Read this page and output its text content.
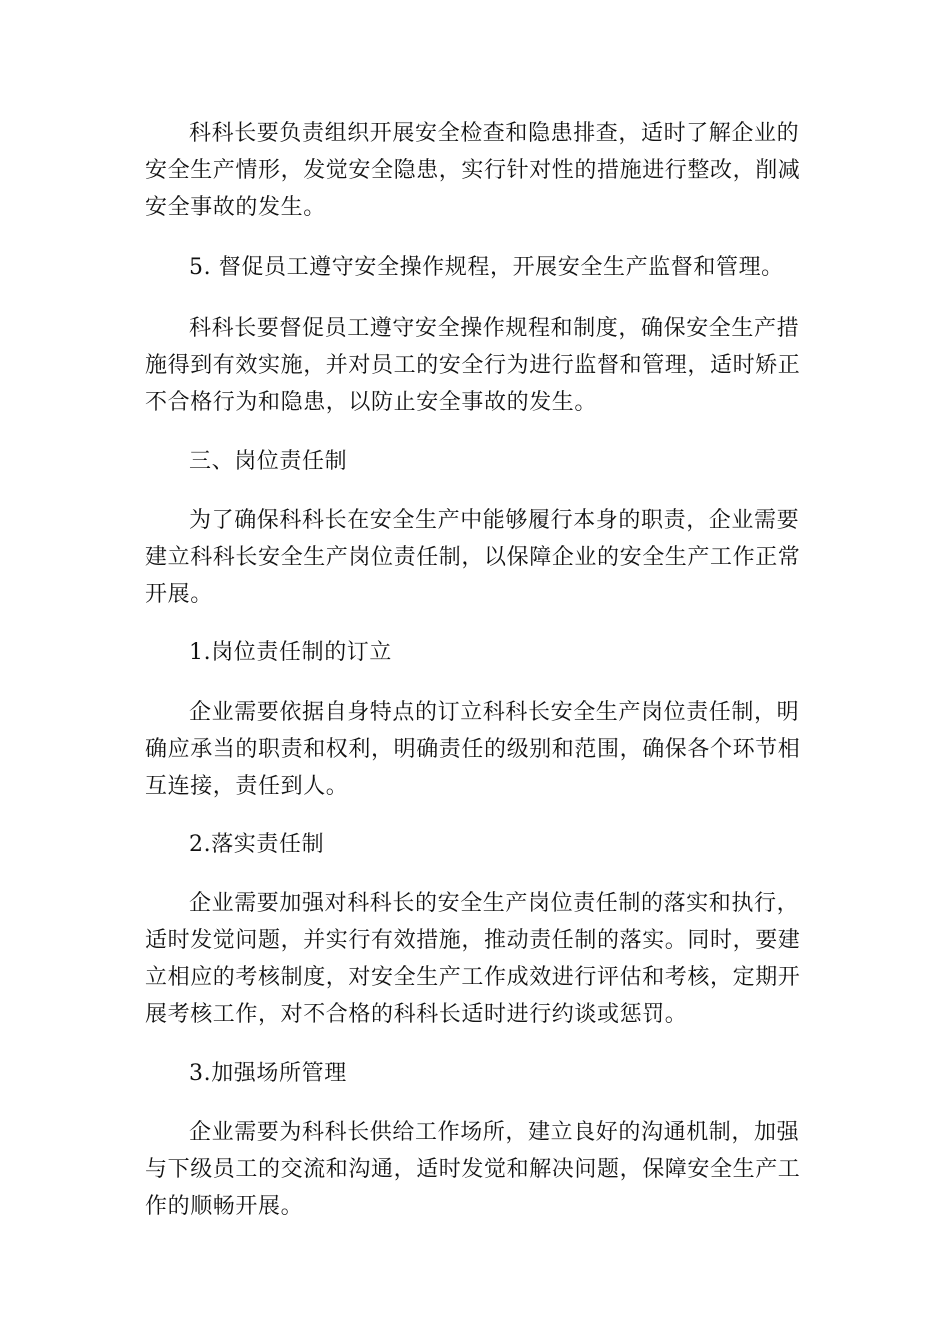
科科长要负责组织开展安全检查和隐患排查，适时了解企业的
安全生产情形，发觉安全隐患，实行针对性的措施进行整改，削减
安全事故的发生。
5. 督促员工遵守安全操作规程，开展安全生产监督和管理。
科科长要督促员工遵守安全操作规程和制度，确保安全生产措
施得到有效实施，并对员工的安全行为进行监督和管理，适时矫正
不合格行为和隐患，以防止安全事故的发生。
三、岗位责任制
为了确保科科长在安全生产中能够履行本身的职责，企业需要
建立科科长安全生产岗位责任制，以保障企业的安全生产工作正常
开展。
1.岗位责任制的订立
企业需要依据自身特点的订立科科长安全生产岗位责任制，明
确应承当的职责和权利，明确责任的级别和范围，确保各个环节相
互连接，责任到人。
2.落实责任制
企业需要加强对科科长的安全生产岗位责任制的落实和执行，
适时发觉问题，并实行有效措施，推动责任制的落实。同时，要建
立相应的考核制度，对安全生产工作成效进行评估和考核，定期开
展考核工作，对不合格的科科长适时进行约谈或惩罚。
3.加强场所管理
企业需要为科科长供给工作场所，建立良好的沟通机制，加强
与下级员工的交流和沟通，适时发觉和解决问题，保障安全生产工
作的顺畅开展。
